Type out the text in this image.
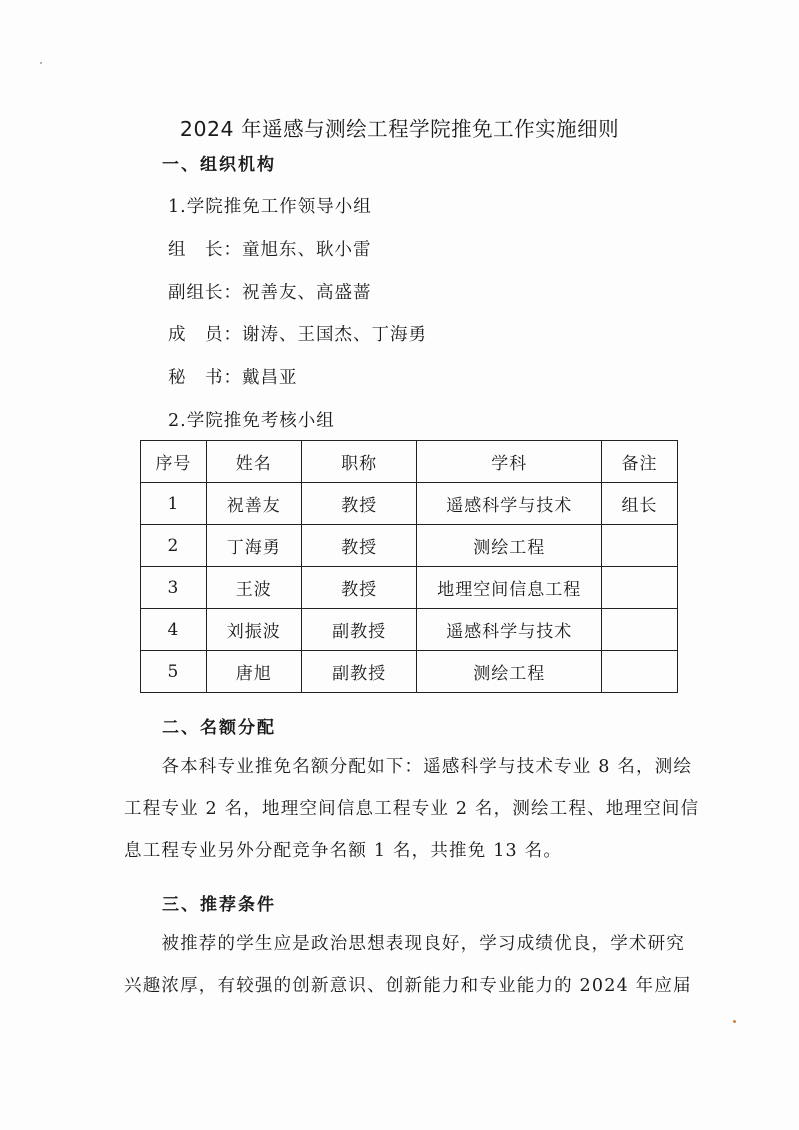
2024 年遥感与测绘工程学院推免工作实施细则
一、组织机构
1.学院推免工作领导小组
组　长：童旭东、耿小雷
副组长：祝善友、高盛蔷
成　员：谢涛、王国杰、丁海勇
秘　书：戴昌亚
2.学院推免考核小组
序号	姓名	职称	学科	备注
1	祝善友	教授	遥感科学与技术	组长
2	丁海勇	教授	测绘工程	
3	王波	教授	地理空间信息工程	
4	刘振波	副教授	遥感科学与技术	
5	唐旭	副教授	测绘工程	
二、名额分配

　　各本科专业推免名额分配如下：遥感科学与技术专业 8 名，测绘

工程专业 2 名，地理空间信息工程专业 2 名，测绘工程、地理空间信

息工程专业另外分配竞争名额 1 名，共推免 13 名。

三、推荐条件

　　被推荐的学生应是政治思想表现良好，学习成绩优良，学术研究

兴趣浓厚，有较强的创新意识、创新能力和专业能力的 2024 年应届
